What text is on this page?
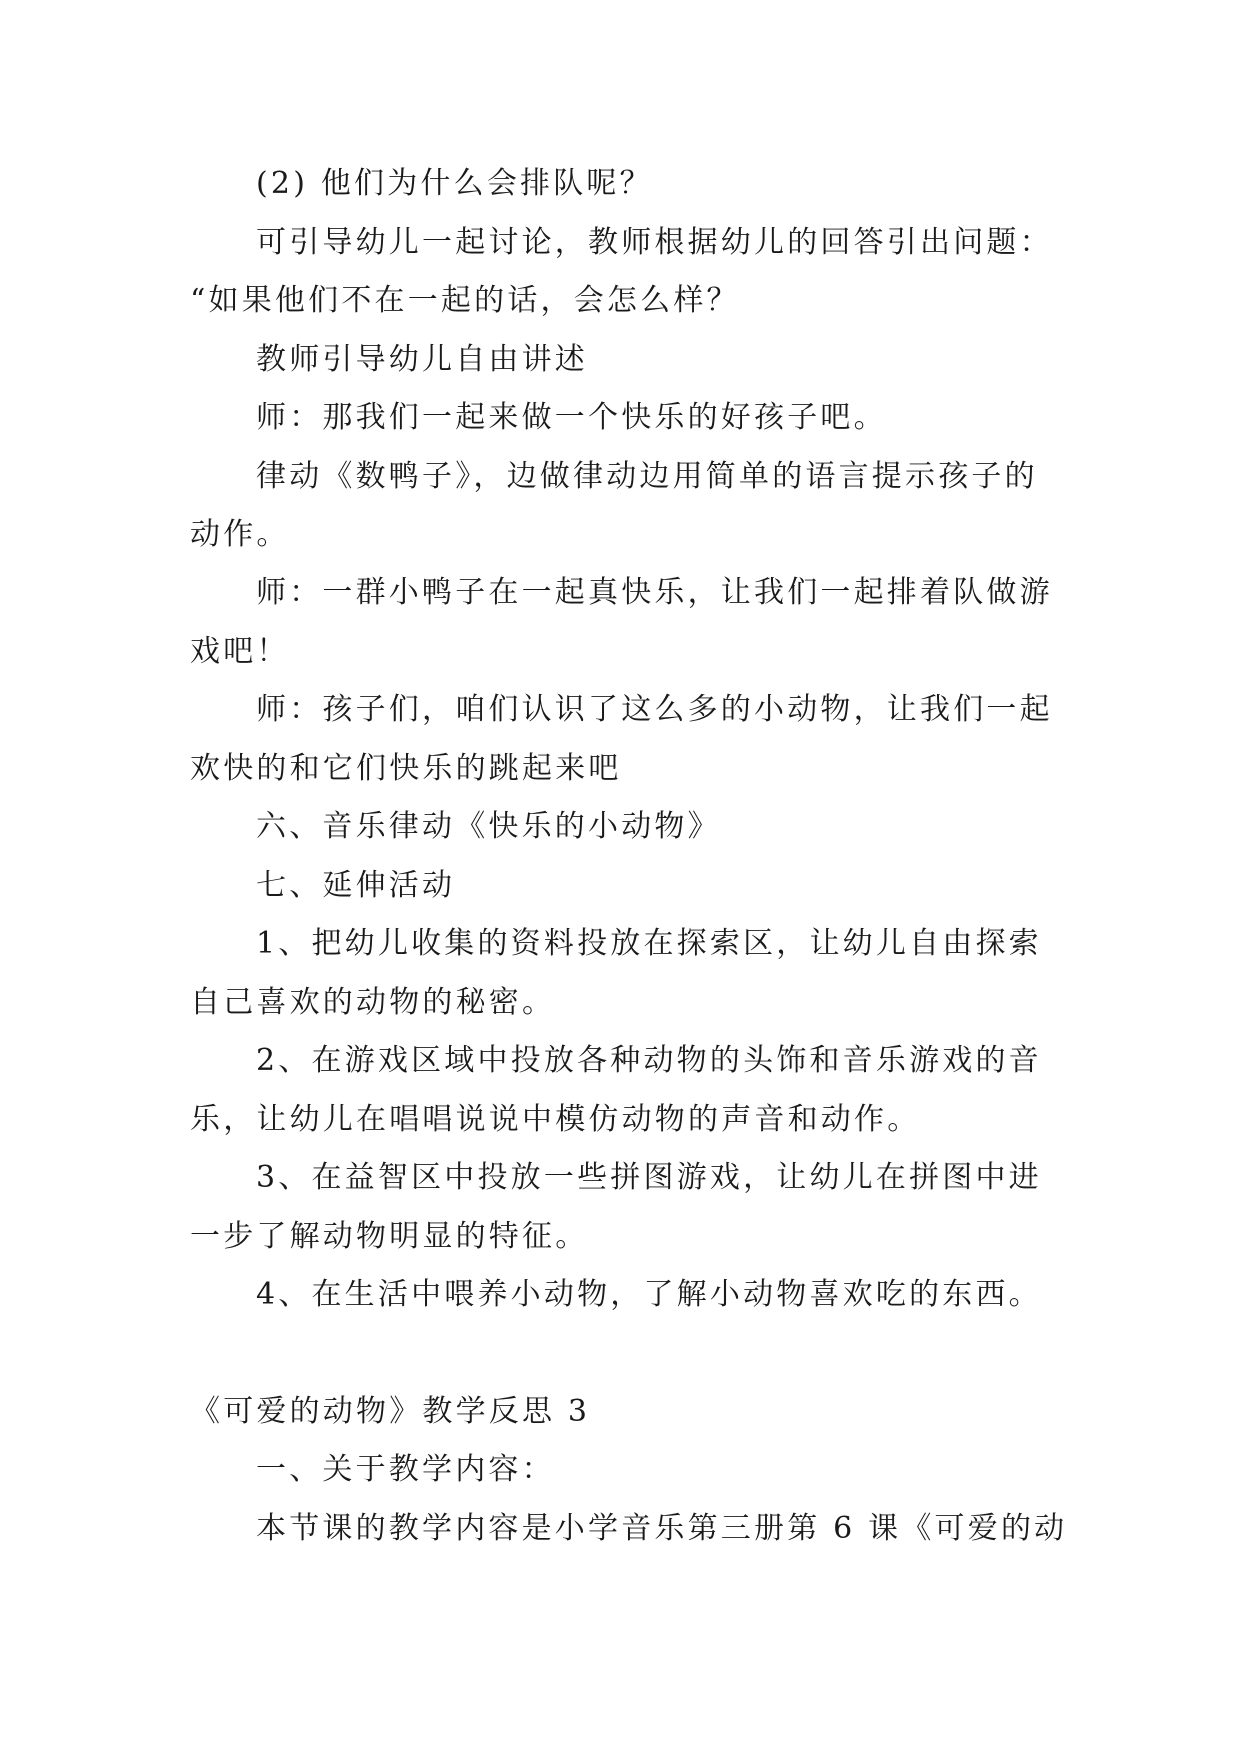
(2) 他们为什么会排队呢？
可引导幼儿一起讨论，教师根据幼儿的回答引出问题：
“如果他们不在一起的话，会怎么样？
教师引导幼儿自由讲述
师：那我们一起来做一个快乐的好孩子吧。
律动《数鸭子》，边做律动边用简单的语言提示孩子的
动作。
师：一群小鸭子在一起真快乐，让我们一起排着队做游
戏吧！
师：孩子们，咱们认识了这么多的小动物，让我们一起
欢快的和它们快乐的跳起来吧
六、音乐律动《快乐的小动物》
七、延伸活动
1、把幼儿收集的资料投放在探索区，让幼儿自由探索
自己喜欢的动物的秘密。
2、在游戏区域中投放各种动物的头饰和音乐游戏的音
乐，让幼儿在唱唱说说中模仿动物的声音和动作。
3、在益智区中投放一些拼图游戏，让幼儿在拼图中进
一步了解动物明显的特征。
4、在生活中喂养小动物，了解小动物喜欢吃的东西。
《可爱的动物》教学反思 3
一、关于教学内容：
本节课的教学内容是小学音乐第三册第 6 课《可爱的动
